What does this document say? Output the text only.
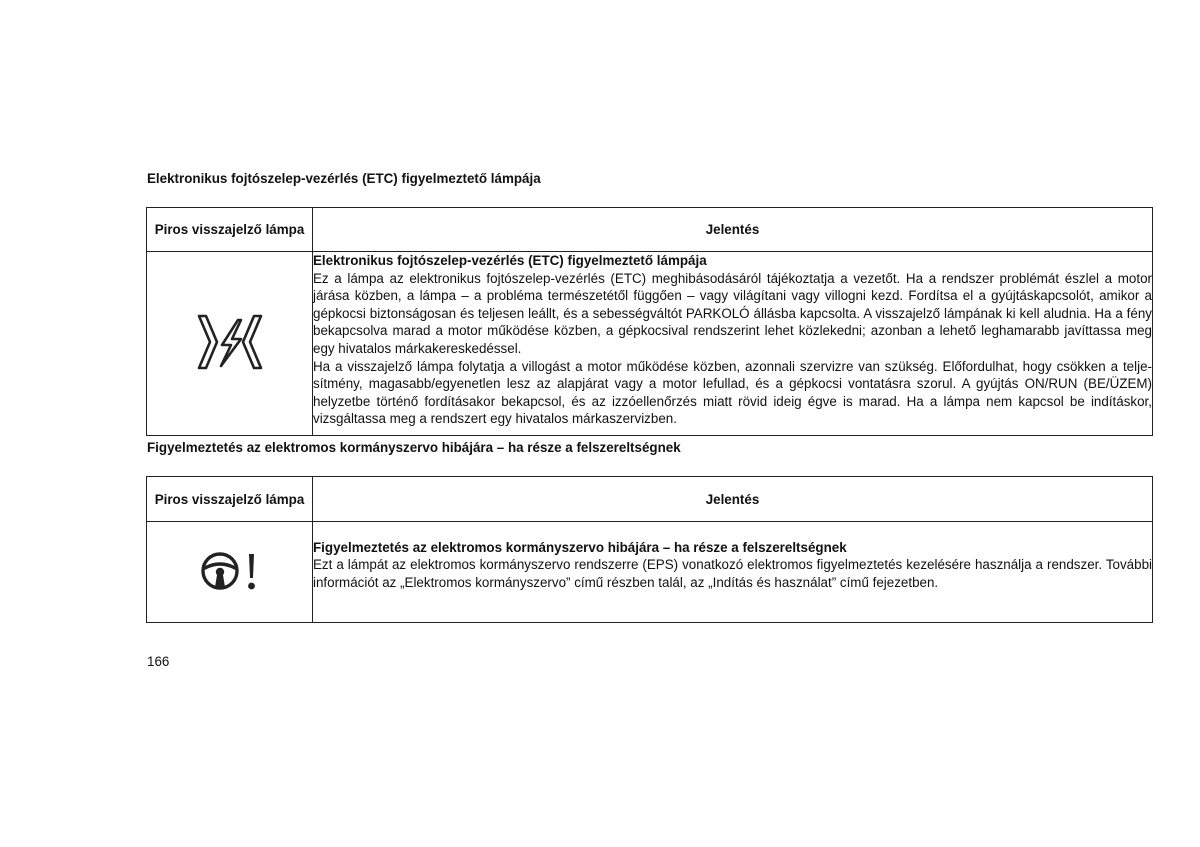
Elektronikus fojtószelep-vezérlés (ETC) figyelmeztető lámpája
Piros visszajelző lámpa	Jelentés

Elektronikus fojtószelep-vezérlés (ETC) figyelmeztető lámpája
Ez a lámpa az elektronikus fojtószelep-vezérlés (ETC) meghibásodásáról tájékoztatja a vezetőt. Ha a rendszer problémát észlel a motor járása közben, a lámpa – a probléma természetétől függően – vagy világítani vagy villogni kezd. Fordítsa el a gyújtáskapcsolót, amikor a gépkocsi biztonságosan és teljesen leállt, és a sebességváltót PARKOLÓ állásba kapcsolta. A visszajelző lámpának ki kell aludnia. Ha a fény bekapcsolva marad a motor működése közben, a gépkocsival rendszerint lehet közlekedni; azonban a lehető leghamarabb javíttassa meg egy hivatalos márkakereskedéssel.
Ha a visszajelző lámpa folytatja a villogást a motor működése közben, azonnali szervizre van szükség. Előfordulhat, hogy csökken a teljesítmény, magasabb/egyenetlen lesz az alapjárat vagy a motor lefullad, és a gépkocsi vontatásra szorul. A gyújtás ON/RUN (BE/ÜZEM) helyzetbe történő fordításakor bekapcsol, és az izzóellenőrzés miatt rövid ideig égve is marad. Ha a lámpa nem kapcsol be indításkor, vizsgáltassa meg a rendszert egy hivatalos márkaszervizben.
Figyelmeztetés az elektromos kormányszervo hibájára – ha része a felszereltségnek
Piros visszajelző lámpa	Jelentés

Figyelmeztetés az elektromos kormányszervo hibájára – ha része a felszereltségnek
Ezt a lámpát az elektromos kormányszervo rendszerre (EPS) vonatkozó elektromos figyelmeztetés kezelésére használja a rendszer. További információt az „Elektromos kormányszervo” című részben talál, az „Indítás és használat” című fejezetben.
166
